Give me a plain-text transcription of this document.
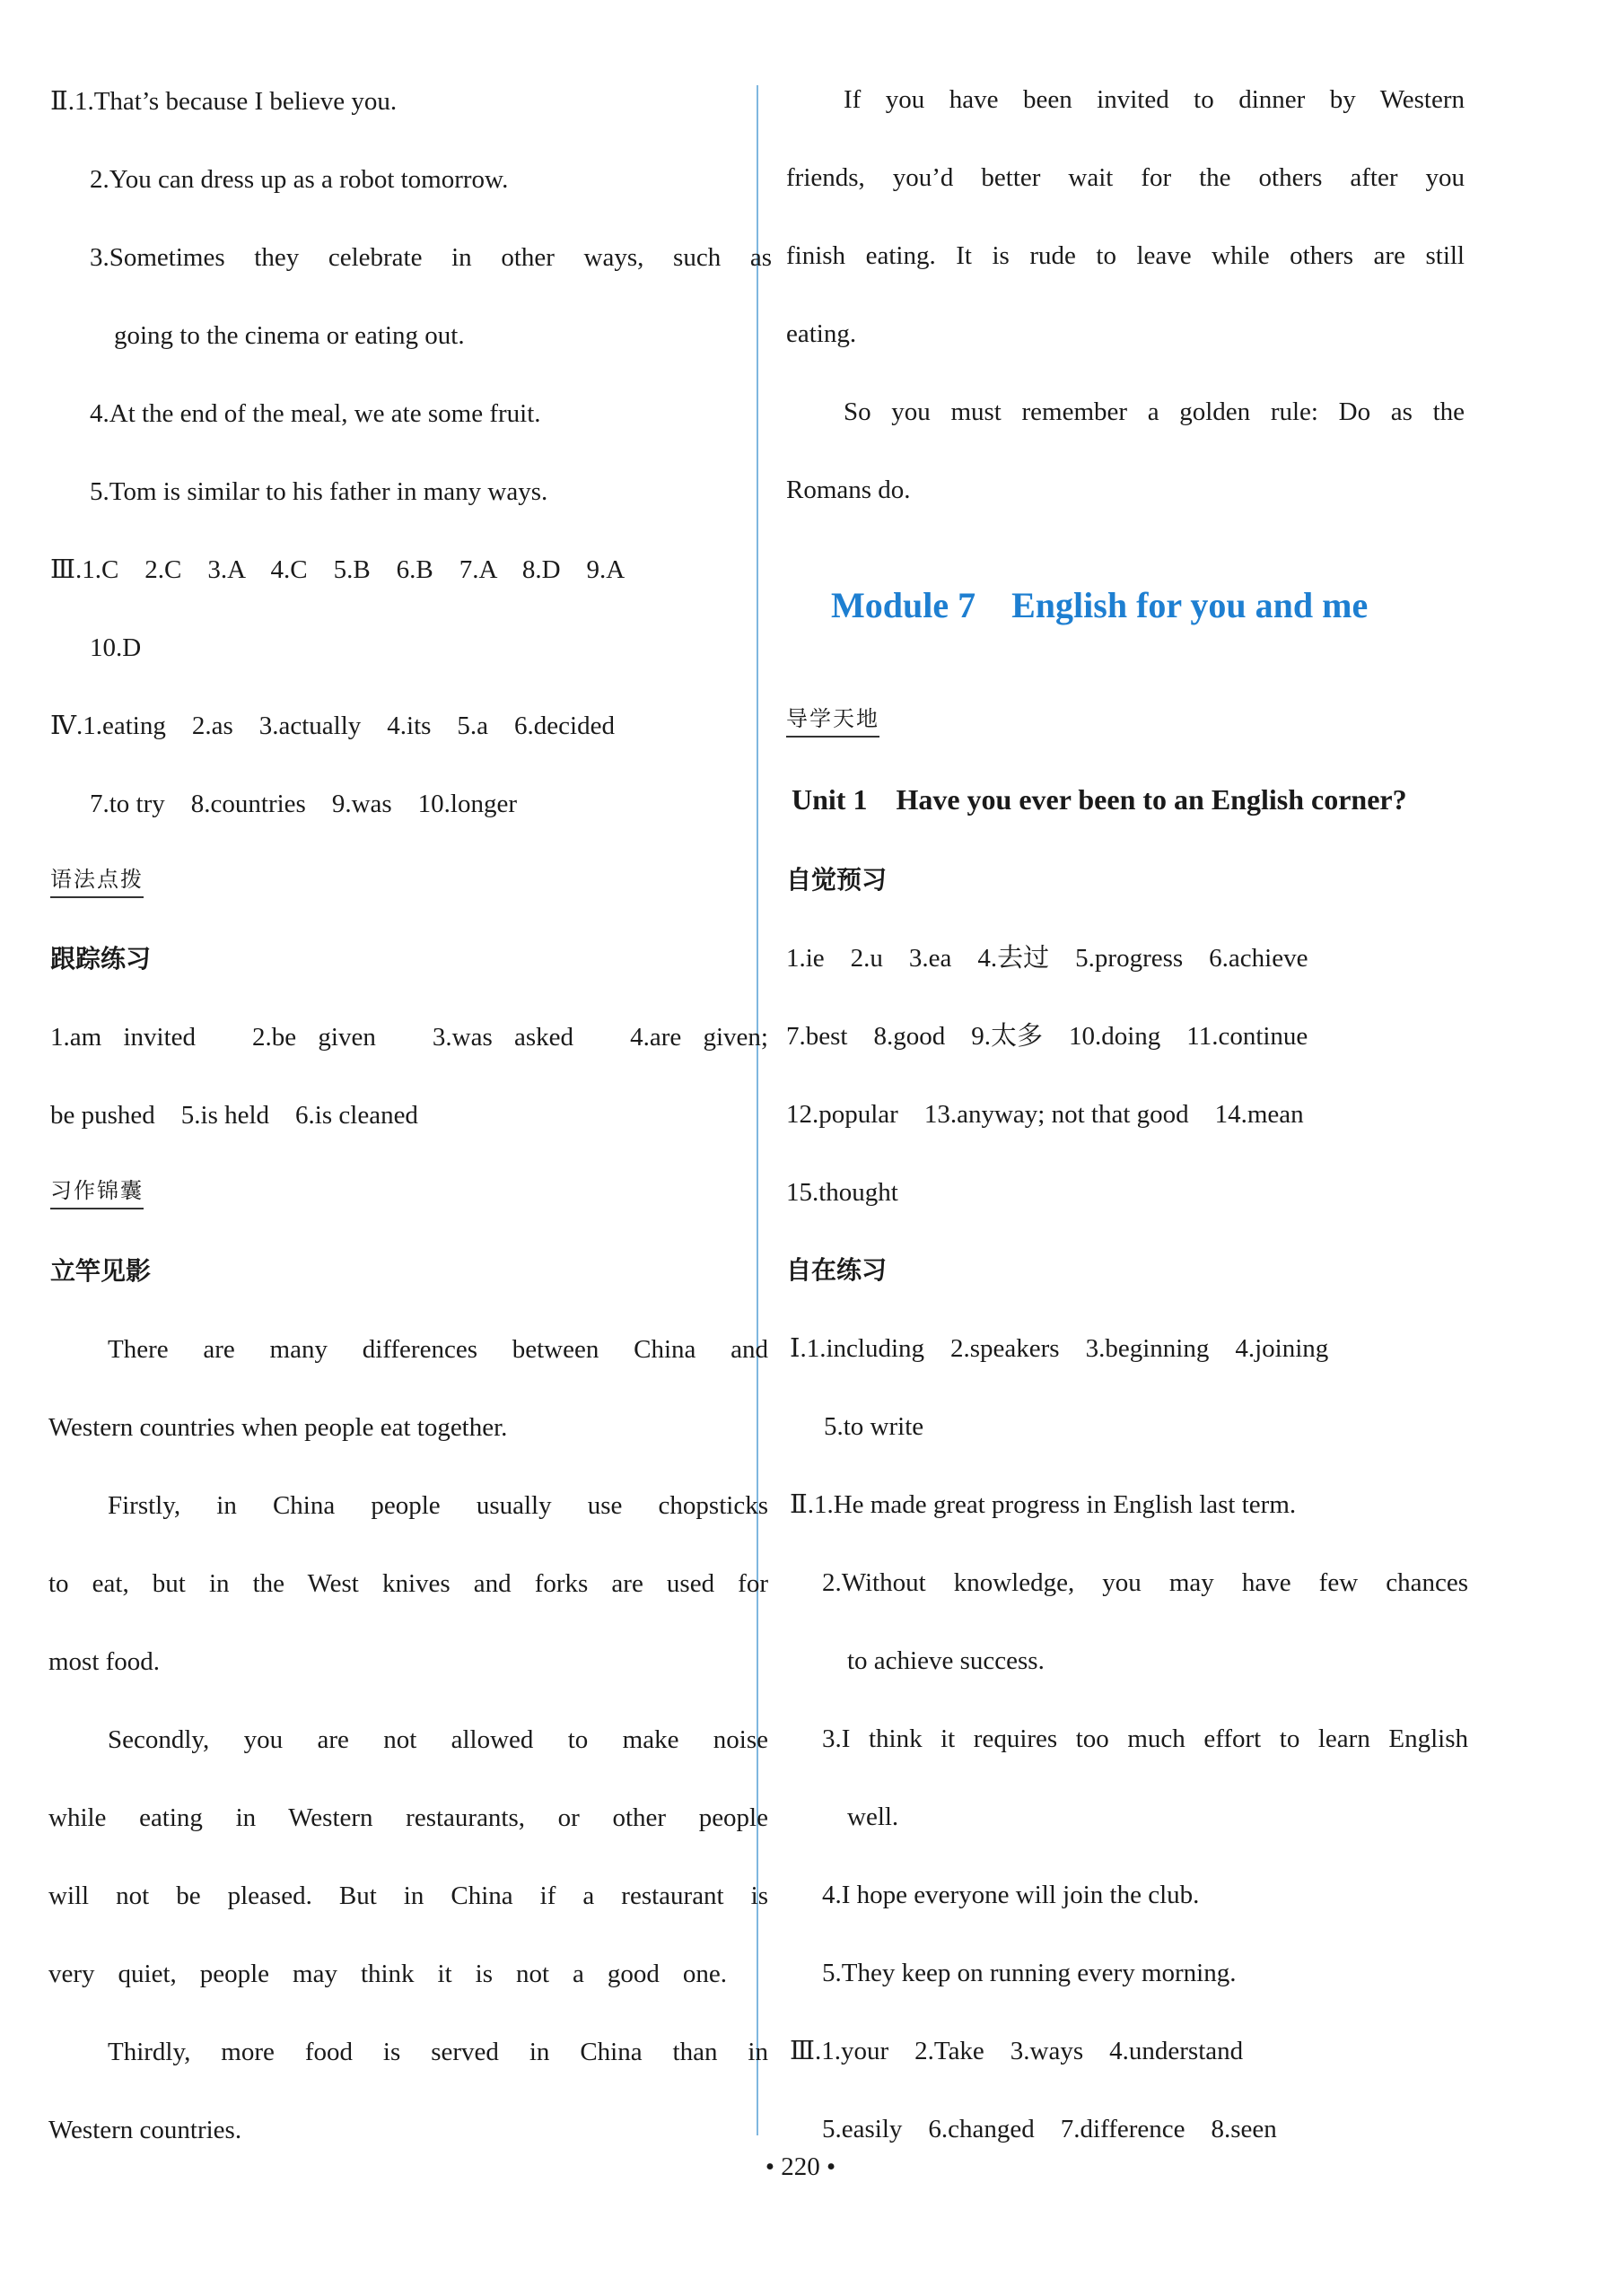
Ⅱ.1.That’s because I believe you.
2.You can dress up as a robot tomorrow.
3.Sometimes they celebrate in other ways, such as
going to the cinema or eating out.
4.At the end of the meal, we ate some fruit.
5.Tom is similar to his father in many ways.
Ⅲ.1.C　2.C　3.A　4.C　5.B　6.B　7.A　8.D　9.A
10.D
Ⅳ.1.eating　2.as　3.actually　4.its　5.a　6.decided
7.to try　8.countries　9.was　10.longer
语法点拨
跟踪练习
1.am invited　2.be given　3.was asked　4.are given;
be pushed　5.is held　6.is cleaned
习作锦囊
立竿见影
There are many differences between China and
Western countries when people eat together.
Firstly, in China people usually use chopsticks
to eat, but in the West knives and forks are used for
most food.
Secondly, you are not allowed to make noise
while eating in Western restaurants, or other people
will not be pleased. But in China if a restaurant is
very quiet, people may think it is not a good one.
Thirdly, more food is served in China than in
Western countries.
If you have been invited to dinner by Western
friends, you’d better wait for the others after you
finish eating. It is rude to leave while others are still
eating.
So you must remember a golden rule: Do as the
Romans do.
Module 7　English for you and me
导学天地
Unit 1　Have you ever been to an English corner?
自觉预习
1.ie　2.u　3.ea　4.去过　5.progress　6.achieve
7.best　8.good　9.太多　10.doing　11.continue
12.popular　13.anyway; not that good　14.mean
15.thought
自在练习
Ⅰ.1.including　2.speakers　3.beginning　4.joining
5.to write
Ⅱ.1.He made great progress in English last term.
2.Without knowledge, you may have few chances
to achieve success.
3.I think it requires too much effort to learn English
well.
4.I hope everyone will join the club.
5.They keep on running every morning.
Ⅲ.1.your　2.Take　3.ways　4.understand
5.easily　6.changed　7.difference　8.seen
• 220 •
